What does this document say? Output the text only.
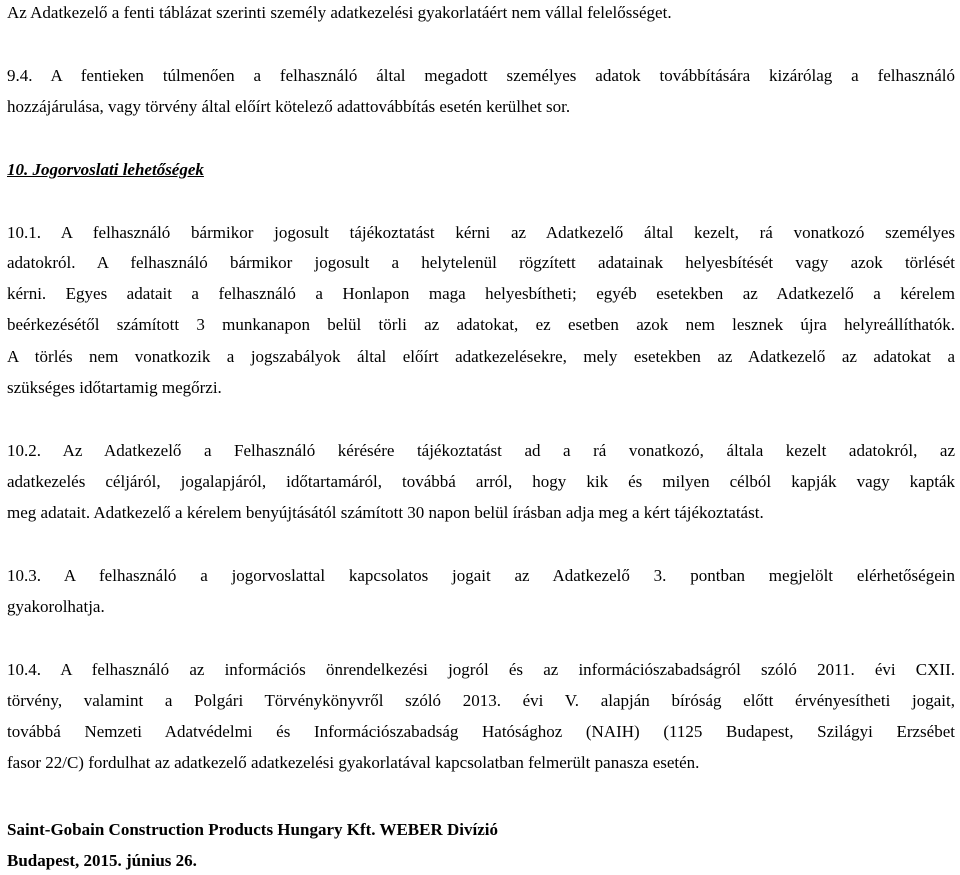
Az Adatkezelő a fenti táblázat szerinti személy adatkezelési gyakorlatáért nem vállal felelősséget.
9.4. A fentieken túlmenően a felhasználó által megadott személyes adatok továbbítására kizárólag a felhasználó
hozzájárulása, vagy törvény által előírt kötelező adattovábbítás esetén kerülhet sor.
10. Jogorvoslati lehetőségek
10.1. A felhasználó bármikor jogosult tájékoztatást kérni az Adatkezelő által kezelt, rá vonatkozó személyes
adatokról. A felhasználó bármikor jogosult a helytelenül rögzített adatainak helyesbítését vagy azok törlését
kérni. Egyes adatait a felhasználó a Honlapon maga helyesbítheti; egyéb esetekben az Adatkezelő a kérelem
beérkezésétől számított 3 munkanapon belül törli az adatokat, ez esetben azok nem lesznek újra helyreállíthatók.
A törlés nem vonatkozik a jogszabályok által előírt adatkezelésekre, mely esetekben az Adatkezelő az adatokat a
szükséges időtartamig megőrzi.
10.2. Az Adatkezelő a Felhasználó kérésére tájékoztatást ad a rá vonatkozó, általa kezelt adatokról, az
adatkezelés céljáról, jogalapjáról, időtartamáról, továbbá arról, hogy kik és milyen célból kapják vagy kapták
meg adatait. Adatkezelő a kérelem benyújtásától számított 30 napon belül írásban adja meg a kért tájékoztatást.
10.3. A felhasználó a jogorvoslattal kapcsolatos jogait az Adatkezelő 3. pontban megjelölt elérhetőségein
gyakorolhatja.
10.4. A felhasználó az információs önrendelkezési jogról és az információszabadságról szóló 2011. évi CXII.
törvény, valamint a Polgári Törvénykönyvről szóló 2013. évi V. alapján bíróság előtt érvényesítheti jogait,
továbbá Nemzeti Adatvédelmi és Információszabadság Hatósághoz (NAIH) (1125 Budapest, Szilágyi Erzsébet
fasor 22/C) fordulhat az adatkezelő adatkezelési gyakorlatával kapcsolatban felmerült panasza esetén.
Saint-Gobain Construction Products Hungary Kft. WEBER Divízió
Budapest, 2015. június 26.
